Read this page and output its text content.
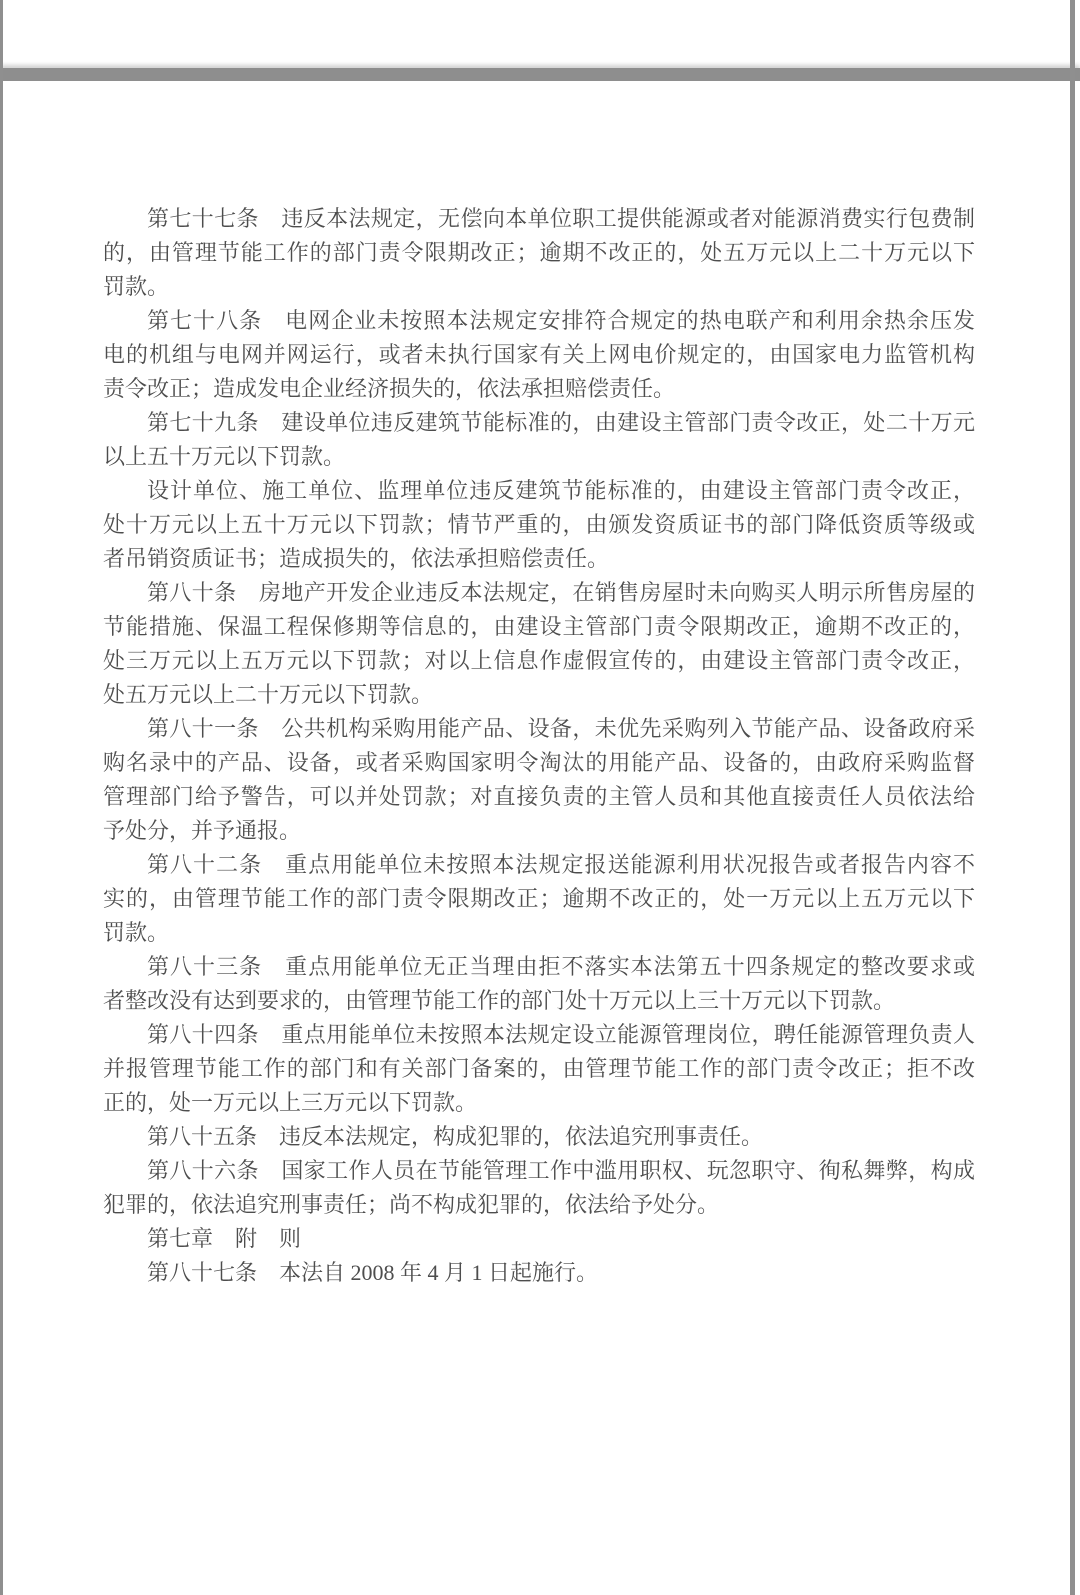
第七十七条　违反本法规定，无偿向本单位职工提供能源或者对能源消费实行包费制
的，由管理节能工作的部门责令限期改正；逾期不改正的，处五万元以上二十万元以下
罚款。
第七十八条　电网企业未按照本法规定安排符合规定的热电联产和利用余热余压发
电的机组与电网并网运行，或者未执行国家有关上网电价规定的，由国家电力监管机构
责令改正；造成发电企业经济损失的，依法承担赔偿责任。
第七十九条　建设单位违反建筑节能标准的，由建设主管部门责令改正，处二十万元
以上五十万元以下罚款。
设计单位、施工单位、监理单位违反建筑节能标准的，由建设主管部门责令改正，
处十万元以上五十万元以下罚款；情节严重的，由颁发资质证书的部门降低资质等级或
者吊销资质证书；造成损失的，依法承担赔偿责任。
第八十条　房地产开发企业违反本法规定，在销售房屋时未向购买人明示所售房屋的
节能措施、保温工程保修期等信息的，由建设主管部门责令限期改正，逾期不改正的，
处三万元以上五万元以下罚款；对以上信息作虚假宣传的，由建设主管部门责令改正，
处五万元以上二十万元以下罚款。
第八十一条　公共机构采购用能产品、设备，未优先采购列入节能产品、设备政府采
购名录中的产品、设备，或者采购国家明令淘汰的用能产品、设备的，由政府采购监督
管理部门给予警告，可以并处罚款；对直接负责的主管人员和其他直接责任人员依法给
予处分，并予通报。
第八十二条　重点用能单位未按照本法规定报送能源利用状况报告或者报告内容不
实的，由管理节能工作的部门责令限期改正；逾期不改正的，处一万元以上五万元以下
罚款。
第八十三条　重点用能单位无正当理由拒不落实本法第五十四条规定的整改要求或
者整改没有达到要求的，由管理节能工作的部门处十万元以上三十万元以下罚款。
第八十四条　重点用能单位未按照本法规定设立能源管理岗位，聘任能源管理负责人
并报管理节能工作的部门和有关部门备案的，由管理节能工作的部门责令改正；拒不改
正的，处一万元以上三万元以下罚款。
第八十五条　违反本法规定，构成犯罪的，依法追究刑事责任。
第八十六条　国家工作人员在节能管理工作中滥用职权、玩忽职守、徇私舞弊，构成
犯罪的，依法追究刑事责任；尚不构成犯罪的，依法给予处分。
第七章　附　则
第八十七条　本法自 2008 年 4 月 1 日起施行。
